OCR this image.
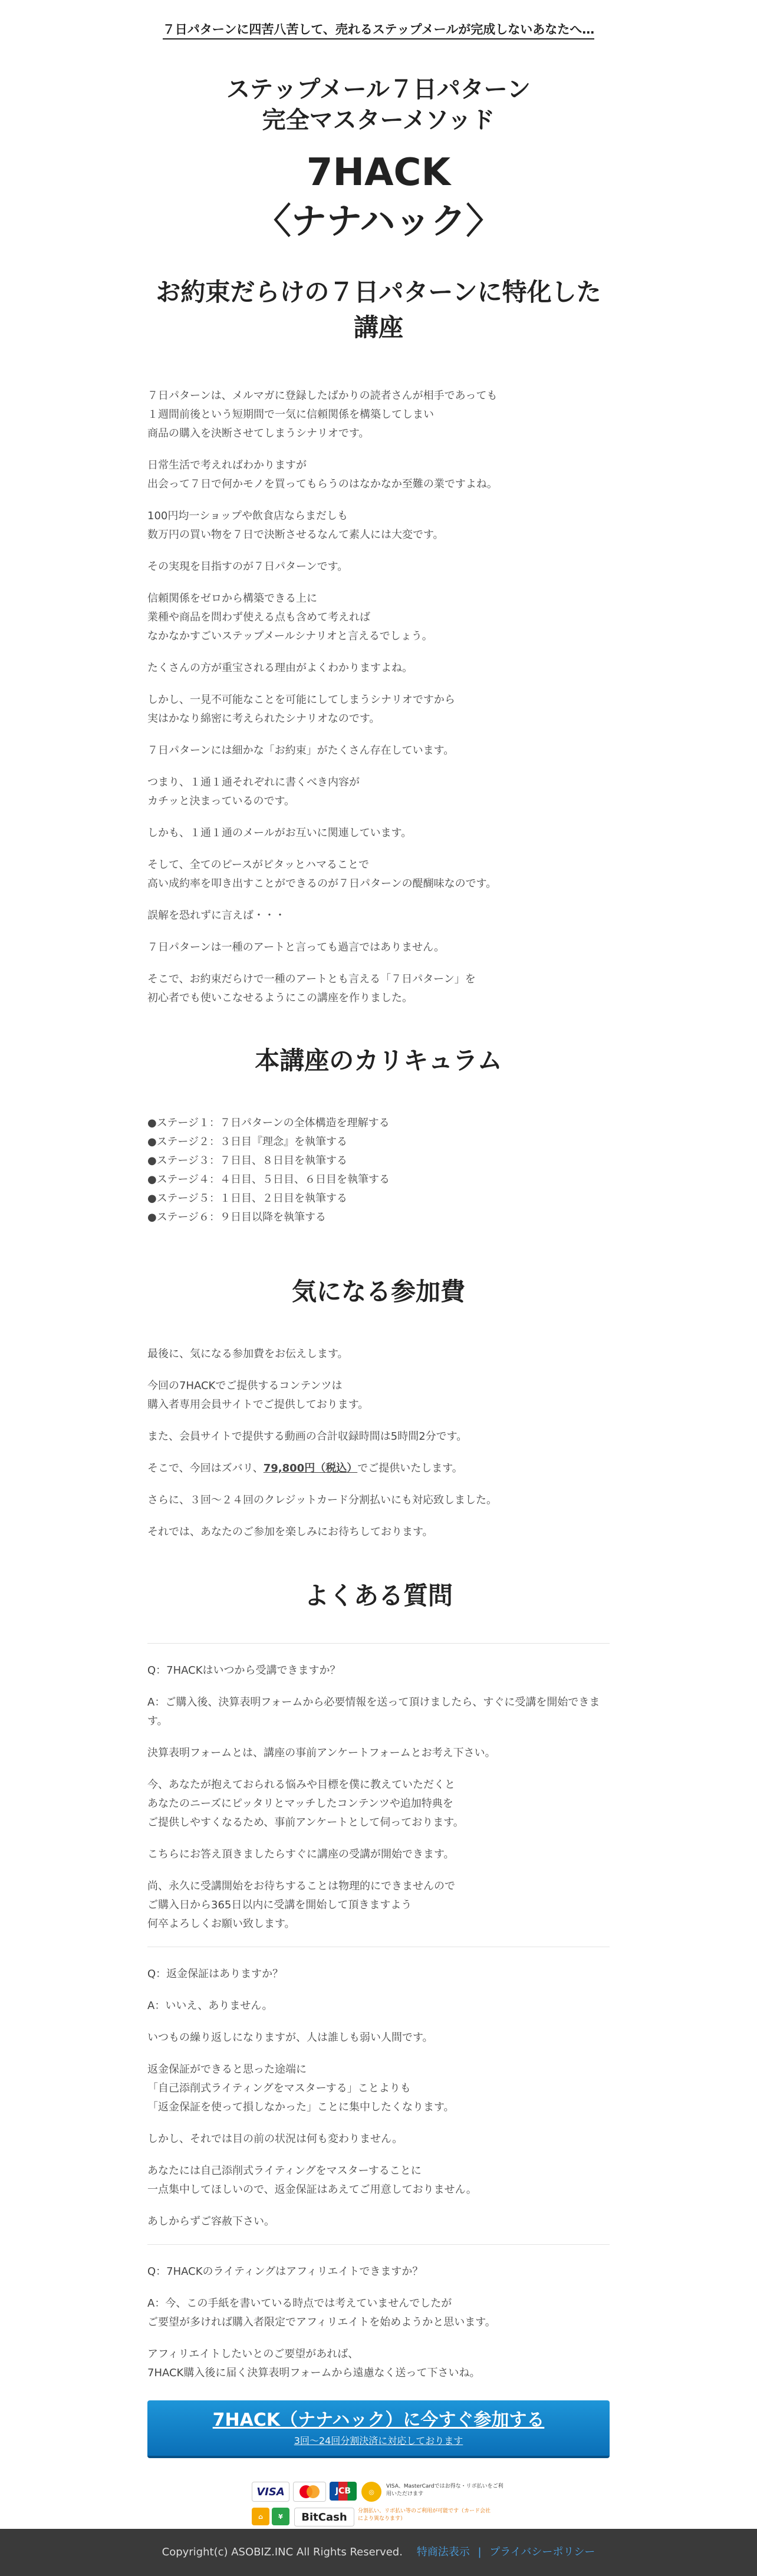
７日パターンに四苦八苦して、売れるステップメールが完成しないあなたへ…
ステップメール７日パターン
完全マスターメソッド
7HACK
〈ナナハック〉
お約束だらけの７日パターンに特化した講座

７日パターンは、メルマガに登録したばかりの読者さんが相手であっても
１週間前後という短期間で一気に信頼関係を構築してしまい
商品の購入を決断させてしまうシナリオです。

日常生活で考えればわかりますが
出会って７日で何かモノを買ってもらうのはなかなか至難の業ですよね。

100円均一ショップや飲食店ならまだしも
数万円の買い物を７日で決断させるなんて素人には大変です。

その実現を目指すのが７日パターンです。

信頼関係をゼロから構築できる上に
業種や商品を問わず使える点も含めて考えれば
なかなかすごいステップメールシナリオと言えるでしょう。

たくさんの方が重宝される理由がよくわかりますよね。

しかし、一見不可能なことを可能にしてしまうシナリオですから
実はかなり綿密に考えられたシナリオなのです。

７日パターンには細かな「お約束」がたくさん存在しています。

つまり、１通１通それぞれに書くべき内容が
カチッと決まっているのです。

しかも、１通１通のメールがお互いに関連しています。

そして、全てのピースがピタッとハマることで
高い成約率を叩き出すことができるのが７日パターンの醍醐味なのです。

誤解を恐れずに言えば・・・

７日パターンは一種のアートと言っても過言ではありません。

そこで、お約束だらけで一種のアートとも言える「７日パターン」を
初心者でも使いこなせるようにこの講座を作りました。

本講座のカリキュラム
●ステージ１：７日パターンの全体構造を理解する
●ステージ２：３日目『理念』を執筆する
●ステージ３：７日目、８日目を執筆する
●ステージ４：４日目、５日目、６日目を執筆する
●ステージ５：１日目、２日目を執筆する
●ステージ６：９日目以降を執筆する
気になる参加費

最後に、気になる参加費をお伝えします。

今回の7HACKでご提供するコンテンツは
購入者専用会員サイトでご提供しております。

また、会員サイトで提供する動画の合計収録時間は5時間2分です。

そこで、今回はズバリ、79,800円（税込）でご提供いたします。

さらに、３回〜２４回のクレジットカード分割払いにも対応致しました。

それでは、あなたのご参加を楽しみにお待ちしております。

よくある質問

Q：7HACKはいつから受講できますか？

A：ご購入後、決算表明フォームから必要情報を送って頂けましたら、すぐに受講を開始できます。

決算表明フォームとは、講座の事前アンケートフォームとお考え下さい。

今、あなたが抱えておられる悩みや目標を僕に教えていただくと
あなたのニーズにピッタリとマッチしたコンテンツや追加特典を
ご提供しやすくなるため、事前アンケートとして伺っております。

こちらにお答え頂きましたらすぐに講座の受講が開始できます。

尚、永久に受講開始をお待ちすることは物理的にできませんので
ご購入日から365日以内に受講を開始して頂きますよう
何卒よろしくお願い致します。

Q：返金保証はありますか？

A：いいえ、ありません。

いつもの繰り返しになりますが、人は誰しも弱い人間です。

返金保証ができると思った途端に
「自己添削式ライティングをマスターする」ことよりも
「返金保証を使って損しなかった」ことに集中したくなります。

しかし、それでは目の前の状況は何も変わりません。

あなたには自己添削式ライティングをマスターすることに
一点集中してほしいので、返金保証はあえてご用意しておりません。

あしからずご容赦下さい。

Q：7HACKのライティングはアフィリエイトできますか？

A：今、この手紙を書いている時点では考えていませんでしたが
ご要望が多ければ購入者限定でアフィリエイトを始めようかと思います。

アフィリエイトしたいとのご要望があれば、
7HACK購入後に届く決算表明フォームから遠慮なく送って下さいね。

7HACK（ナナハック）に今すぐ参加する
3回〜24回分割決済に対応しております
VISA	JCB	◎
VISA、MasterCardではお得な・リボ払いをご利用いただけます
⌂	¥	BitCash	分割払い、リボ払い等のご利用が可能です（カード会社により異なります）
Copyright(c) ASOBIZ.INC All Rights Reserved. 特商法表示 | プライバシーポリシー
